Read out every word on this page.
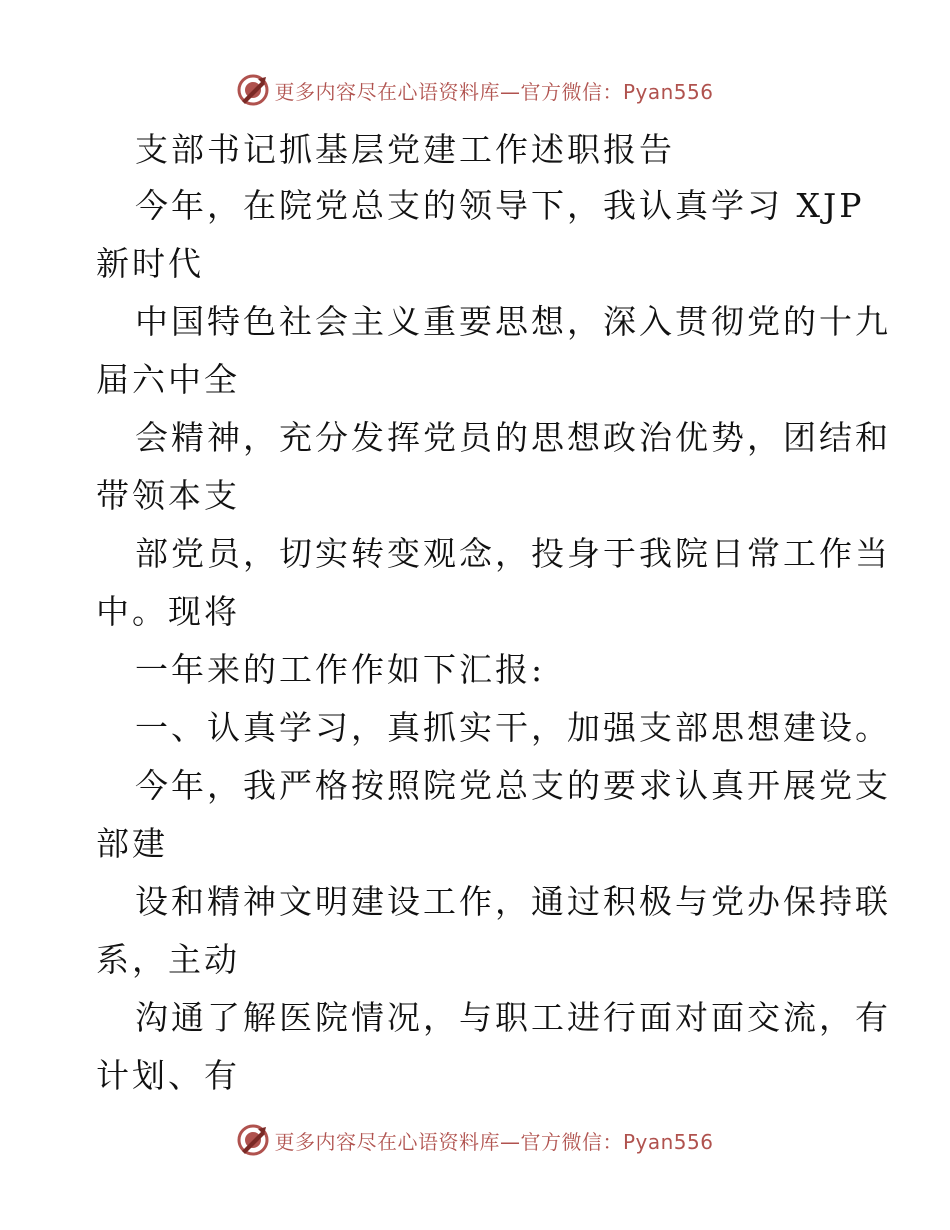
更多内容尽在心语资料库—官方微信：Pyan556
支部书记抓基层党建工作述职报告
今年，在院党总支的领导下，我认真学习 XJP
新时代
中国特色社会主义重要思想，深入贯彻党的十九
届六中全
会精神，充分发挥党员的思想政治优势，团结和
带领本支
部党员，切实转变观念，投身于我院日常工作当
中。现将
一年来的工作作如下汇报:
一、认真学习，真抓实干，加强支部思想建设。
今年，我严格按照院党总支的要求认真开展党支
部建
设和精神文明建设工作，通过积极与党办保持联
系，主动
沟通了解医院情况，与职工进行面对面交流，有
计划、有
更多内容尽在心语资料库—官方微信：Pyan556
